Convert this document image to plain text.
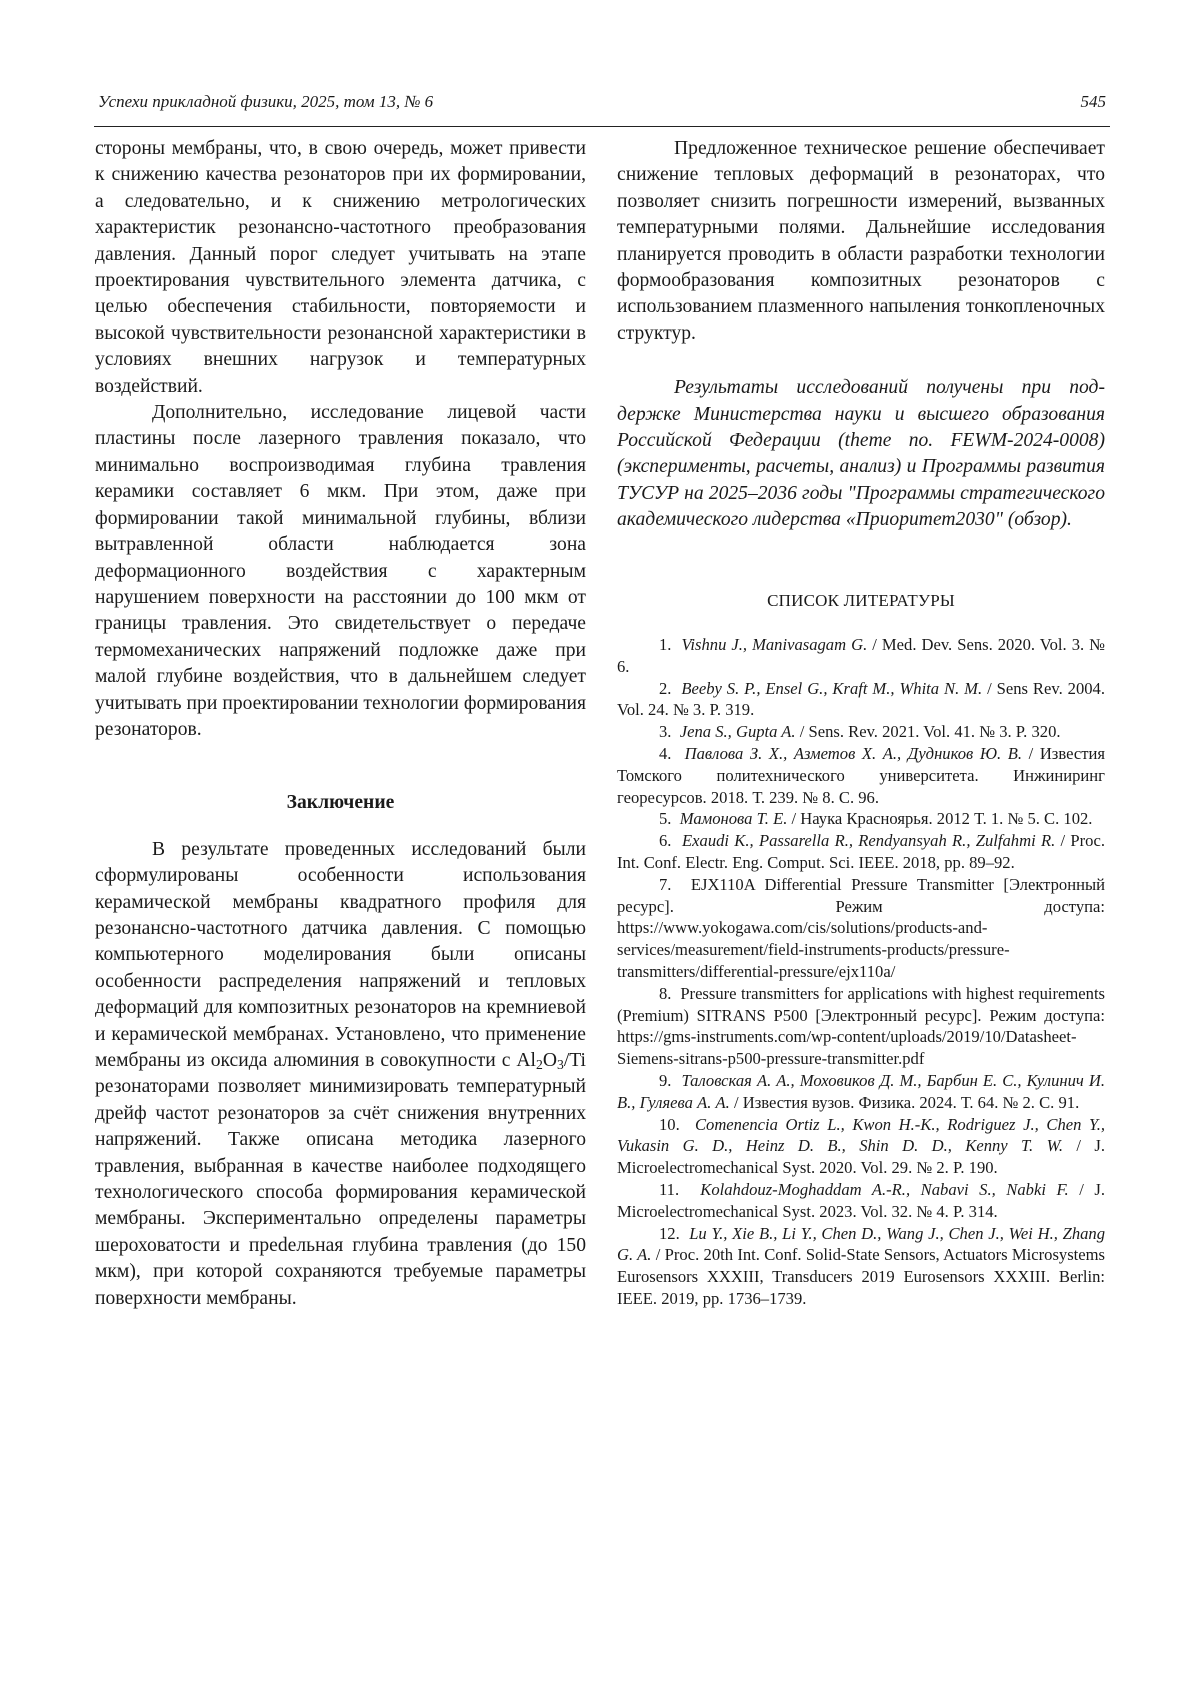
Успехи прикладной физики, 2025, том 13, № 6	545

стороны мембраны, что, в свою очередь, может привести к снижению качества резонаторов при их формировании, а следовательно, и к снижению метрологических характеристик резонансно-частотного преобразования давления. Данный порог следует учитывать на этапе проектирования чувствительного элемента датчика, с целью обеспечения стабильности, повторяемости и высокой чувствительности резонансной характеристики в условиях внешних нагрузок и температурных воздействий.

Дополнительно, исследование лицевой части пластины после лазерного травления показало, что минимально воспроизводимая глубина травления керамики составляет 6 мкм. При этом, даже при формировании такой минимальной глубины, вблизи вытравленной области наблюдается зона деформационного воздействия с характерным нарушением поверхности на расстоянии до 100 мкм от границы травления. Это свидетельствует о передаче термомеханических напряжений подложке даже при малой глубине воздействия, что в дальнейшем следует учитывать при проектировании технологии формирования резонаторов.

Заключение

В результате проведенных исследований были сформулированы особенности использования керамической мембраны квадратного профиля для резонансно-частотного датчика давления. С помощью компьютерного моделирования были описаны особенности распределения напряжений и тепловых деформаций для композитных резонаторов на кремниевой и керамической мембранах. Установлено, что применение мембраны из оксида алюминия в совокупности с $Al_2O_3/Ti$ резонаторами позволяет минимизировать температурный дрейф частот резонаторов за счёт снижения внутренних напряжений. Также описана методика лазерного травления, выбранная в качестве наиболее подходящего технологического способа формирования керамической мембраны. Экспериментально определены параметры шероховатости и преdельная глубина травления (до 150 мкм), при которой сохраняются требуемые параметры поверхности мембраны.

Предложенное техническое решение обеспечивает снижение тепловых деформаций в резонаторах, что позволяет снизить погрешности измерений, вызванных температурными полями. Дальнейшие исследования планируется проводить в области разработки технологии формообразования композитных резонаторов с использованием плазменного напыления тонкопленочных структур.

Результаты исследований получены при поддержке Министерства науки и высшего образования Российской Федерации (theme no. FEWM-2024-0008) (эксперименты, расчеты, анализ) и Программы развития ТУСУР на 2025–2036 годы "Программы стратегического академического лидерства «Приоритет2030" (обзор).

СПИСОК ЛИТЕРАТУРЫ

1. Vishnu J., Manivasagam G. / Med. Dev. Sens. 2020. Vol. 3. № 6.

2. Beeby S. P., Ensel G., Kraft M., Whita N. M. / Sens Rev. 2004. Vol. 24. № 3. P. 319.

3. Jena S., Gupta A. / Sens. Rev. 2021. Vol. 41. № 3. P. 320.

4. Павлова З. Х., Азметов Х. А., Дудников Ю. В. / Известия Томского политехнического университета. Инжиниринг георесурсов. 2018. Т. 239. № 8. С. 96.

5. Мамонова Т. Е. / Наука Красноярья. 2012 Т. 1. № 5. С. 102.

6. Exaudi K., Passarella R., Rendyansyah R., Zulfahmi R. / Proc. Int. Conf. Electr. Eng. Comput. Sci. IEEE. 2018, pp. 89–92.

7. EJX110A Differential Pressure Transmitter [Электронный ресурс]. Режим доступа: https://www.yokogawa.com/cis/solutions/products-and-services/measurement/field-instruments-products/pressure-transmitters/differential-pressure/ejx110a/

8. Pressure transmitters for applications with highest requirements (Premium) SITRANS P500 [Электронный ресурс]. Режим доступа: https://gms-instruments.com/wp-content/uploads/2019/10/Datasheet-Siemens-sitrans-p500-pressure-transmitter.pdf

9. Таловская А. А., Моховиков Д. М., Барбин Е. С., Кулинич И. В., Гуляева А. А. / Известия вузов. Физика. 2024. Т. 64. № 2. С. 91.

10. Comenencia Ortiz L., Kwon H.-K., Rodriguez J., Chen Y., Vukasin G. D., Heinz D. B., Shin D. D., Kenny T. W. / J. Microelectromechanical Syst. 2020. Vol. 29. № 2. P. 190.

11. Kolahdouz-Moghaddam A.-R., Nabavi S., Nabki F. / J. Microelectromechanical Syst. 2023. Vol. 32. № 4. P. 314.

12. Lu Y., Xie B., Li Y., Chen D., Wang J., Chen J., Wei H., Zhang G. A. / Proc. 20th Int. Conf. Solid-State Sensors, Actuators Microsystems Eurosensors XXXIII, Transducers 2019 Eurosensors XXXIII. Berlin: IEEE. 2019, pp. 1736–1739.
